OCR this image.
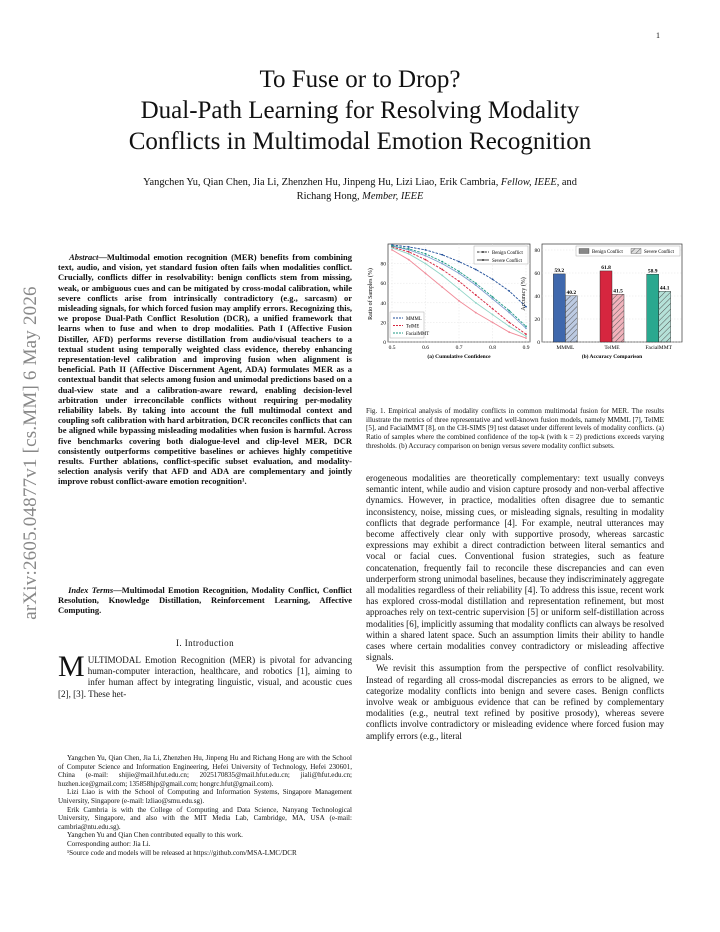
1
arXiv:2605.04877v1 [cs.MM] 6 May 2026
To Fuse or to Drop?
Dual-Path Learning for Resolving Modality
Conflicts in Multimodal Emotion Recognition
Yangchen Yu, Qian Chen, Jia Li, Zhenzhen Hu, Jinpeng Hu, Lizi Liao, Erik Cambria, Fellow, IEEE, and
Richang Hong, Member, IEEE

Abstract—Multimodal emotion recognition (MER) benefits from combining text, audio, and vision, yet standard fusion often fails when modalities conflict. Crucially, conflicts differ in resolvability: benign conflicts stem from missing, weak, or ambiguous cues and can be mitigated by cross-modal calibration, while severe conflicts arise from intrinsically contradictory (e.g., sarcasm) or misleading signals, for which forced fusion may amplify errors. Recognizing this, we propose Dual-Path Conflict Resolution (DCR), a unified framework that learns when to fuse and when to drop modalities. Path I (Affective Fusion Distiller, AFD) performs reverse distillation from audio/visual teachers to a textual student using temporally weighted class evidence, thereby enhancing representation-level calibration and improving fusion when alignment is beneficial. Path II (Affective Discernment Agent, ADA) formulates MER as a contextual bandit that selects among fusion and unimodal predictions based on a dual-view state and a calibration-aware reward, enabling decision-level arbitration under irreconcilable conflicts without requiring per-modality reliability labels. By taking into account the full multimodal context and coupling soft calibration with hard arbitration, DCR reconciles conflicts that can be aligned while bypassing misleading modalities when fusion is harmful. Across five benchmarks covering both dialogue-level and clip-level MER, DCR consistently outperforms competitive baselines or achieves highly competitive results. Further ablations, conflict-specific subset evaluation, and modality-selection analysis verify that AFD and ADA are complementary and jointly improve robust conflict-aware emotion recognition¹.

Index Terms—Multimodal Emotion Recognition, Modality Conflict, Conflict Resolution, Knowledge Distillation, Reinforcement Learning, Affective Computing.

I. Introduction
MULTIMODAL Emotion Recognition (MER) is pivotal for advancing human-computer interaction, healthcare, and robotics [1], aiming to infer human affect by integrating linguistic, visual, and acoustic cues [2], [3]. These het-

Yangchen Yu, Qian Chen, Jia Li, Zhenzhen Hu, Jinpeng Hu and Richang Hong are with the School of Computer Science and Information Engineering, Hefei University of Technology, Hefei 230601, China (e-mail: shijie@mail.hfut.edu.cn; 2025170835@mail.hfut.edu.cn; jiali@hfut.edu.cn; huzhen.ice@gmail.com; 135858hjp@gmail.com; hongrc.hfut@gmail.com).

Lizi Liao is with the School of Computing and Information Systems, Singapore Management University, Singapore (e-mail: lzliao@smu.edu.sg).

Erik Cambria is with the College of Computing and Data Science, Nanyang Technological University, Singapore, and also with the MIT Media Lab, Cambridge, MA, USA (e-mail: cambria@ntu.edu.sg).

Yangchen Yu and Qian Chen contributed equally to this work.

Corresponding author: Jia Li.

¹Source code and models will be released at https://github.com/MSA-LMC/DCR

Ratio of Samples (%)
0.5	0.6	0.7	0.8	0.9
0
20
40
60
80
Benign Conflict
Severe Conflict
MMML
TelME
FacialMMT
(a) Cumulative Confidence
Accuracy (%)
0
20
40
60
80
MMML	TelME	FacialMMT
59.2
40.2
61.8
41.5
58.9
44.1
Benign Conflict	Severe Conflict
(b) Accuracy Comparison

Fig. 1. Empirical analysis of modality conflicts in common multimodal fusion for MER. The results illustrate the metrics of three representative and well-known fusion models, namely MMML [7], TelME [5], and FacialMMT [8], on the CH-SIMS [9] test dataset under different levels of modality conflicts. (a) Ratio of samples where the combined confidence of the top-k (with k = 2) predictions exceeds varying thresholds. (b) Accuracy comparison on benign versus severe modality conflict subsets.

erogeneous modalities are theoretically complementary: text usually conveys semantic intent, while audio and vision capture prosody and non-verbal affective dynamics. However, in practice, modalities often disagree due to semantic inconsistency, noise, missing cues, or misleading signals, resulting in modality conflicts that degrade performance [4]. For example, neutral utterances may become affectively clear only with supportive prosody, whereas sarcastic expressions may exhibit a direct contradiction between literal semantics and vocal or facial cues. Conventional fusion strategies, such as feature concatenation, frequently fail to reconcile these discrepancies and can even underperform strong unimodal baselines, because they indiscriminately aggregate all modalities regardless of their reliability [4]. To address this issue, recent work has explored cross-modal distillation and representation refinement, but most approaches rely on text-centric supervision [5] or uniform self-distillation across modalities [6], implicitly assuming that modality conflicts can always be resolved within a shared latent space. Such an assumption limits their ability to handle cases where certain modalities convey contradictory or misleading affective signals.

We revisit this assumption from the perspective of conflict resolvability. Instead of regarding all cross-modal discrepancies as errors to be aligned, we categorize modality conflicts into benign and severe cases. Benign conflicts involve weak or ambiguous evidence that can be refined by complementary modalities (e.g., neutral text refined by positive prosody), whereas severe conflicts involve contradictory or misleading evidence where forced fusion may amplify errors (e.g., literal
